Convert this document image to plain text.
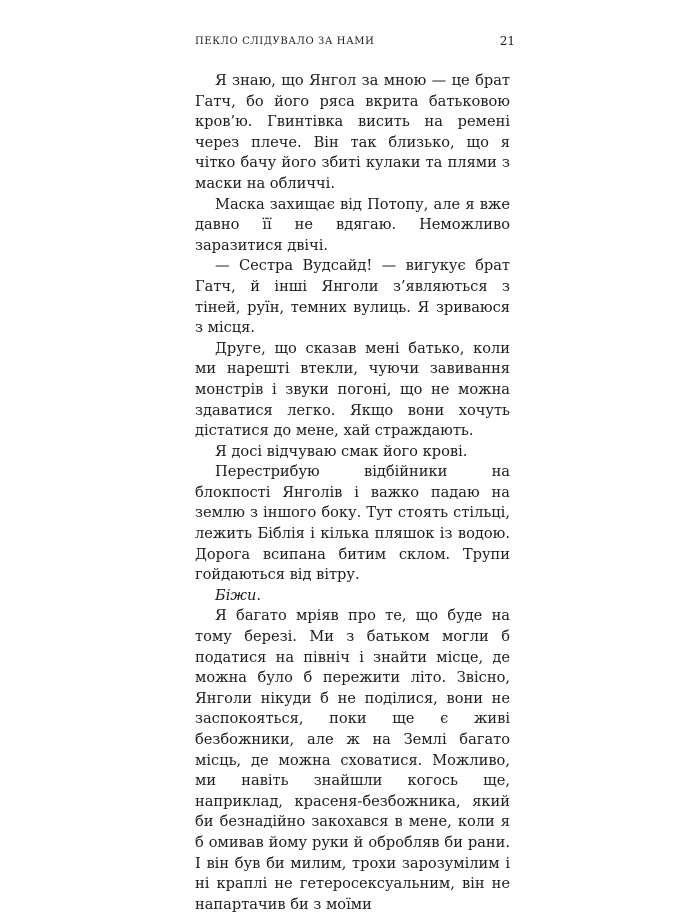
ПЕКЛО СЛІДУВАЛО ЗА НАМИ	21

Я знаю, що Янгол за мною — це брат Гатч, бо його ряса вкрита батьковою кров’ю. Гвинтівка висить на ремені через плече. Він так близько, що я чітко бачу його збиті кулаки та плями з маски на обличчі.

Маска захищає від Потопу, але я вже давно її не вдягаю. Неможливо заразитися двічі.

— Сестра Вудсайд! — вигукує брат Гатч, й інші Янголи з’являються з тіней, руїн, темних вулиць. Я зриваюся з місця.

Друге, що сказав мені батько, коли ми нарешті втекли, чуючи завивання монстрів і звуки погоні, що не можна здаватися легко. Якщо вони хочуть дістатися до мене, хай страждають.

Я досі відчуваю смак його крові.

Перестрибую відбійники на блокпості Янголів і важко падаю на землю з іншого боку. Тут стоять стільці, лежить Біблія і кілька пляшок із водою. Дорога всипана битим склом. Трупи гойдаються від вітру.

Біжи.

Я багато мріяв про те, що буде на тому березі. Ми з батьком могли б податися на північ і знайти місце, де можна було б пережити літо. Звісно, Янголи нікуди б не поділися, вони не заспокояться, поки ще є живі безбожники, але ж на Землі багато місць, де можна сховатися. Можливо, ми навіть знайшли когось ще, наприклад, красеня-безбожника, який би безнадійно закохався в мене, коли я б омивав йому руки й обробляв би рани. І він був би милим, трохи зарозумілим і ні краплі не гетеросексуальним, він не напартачив би з моїми
